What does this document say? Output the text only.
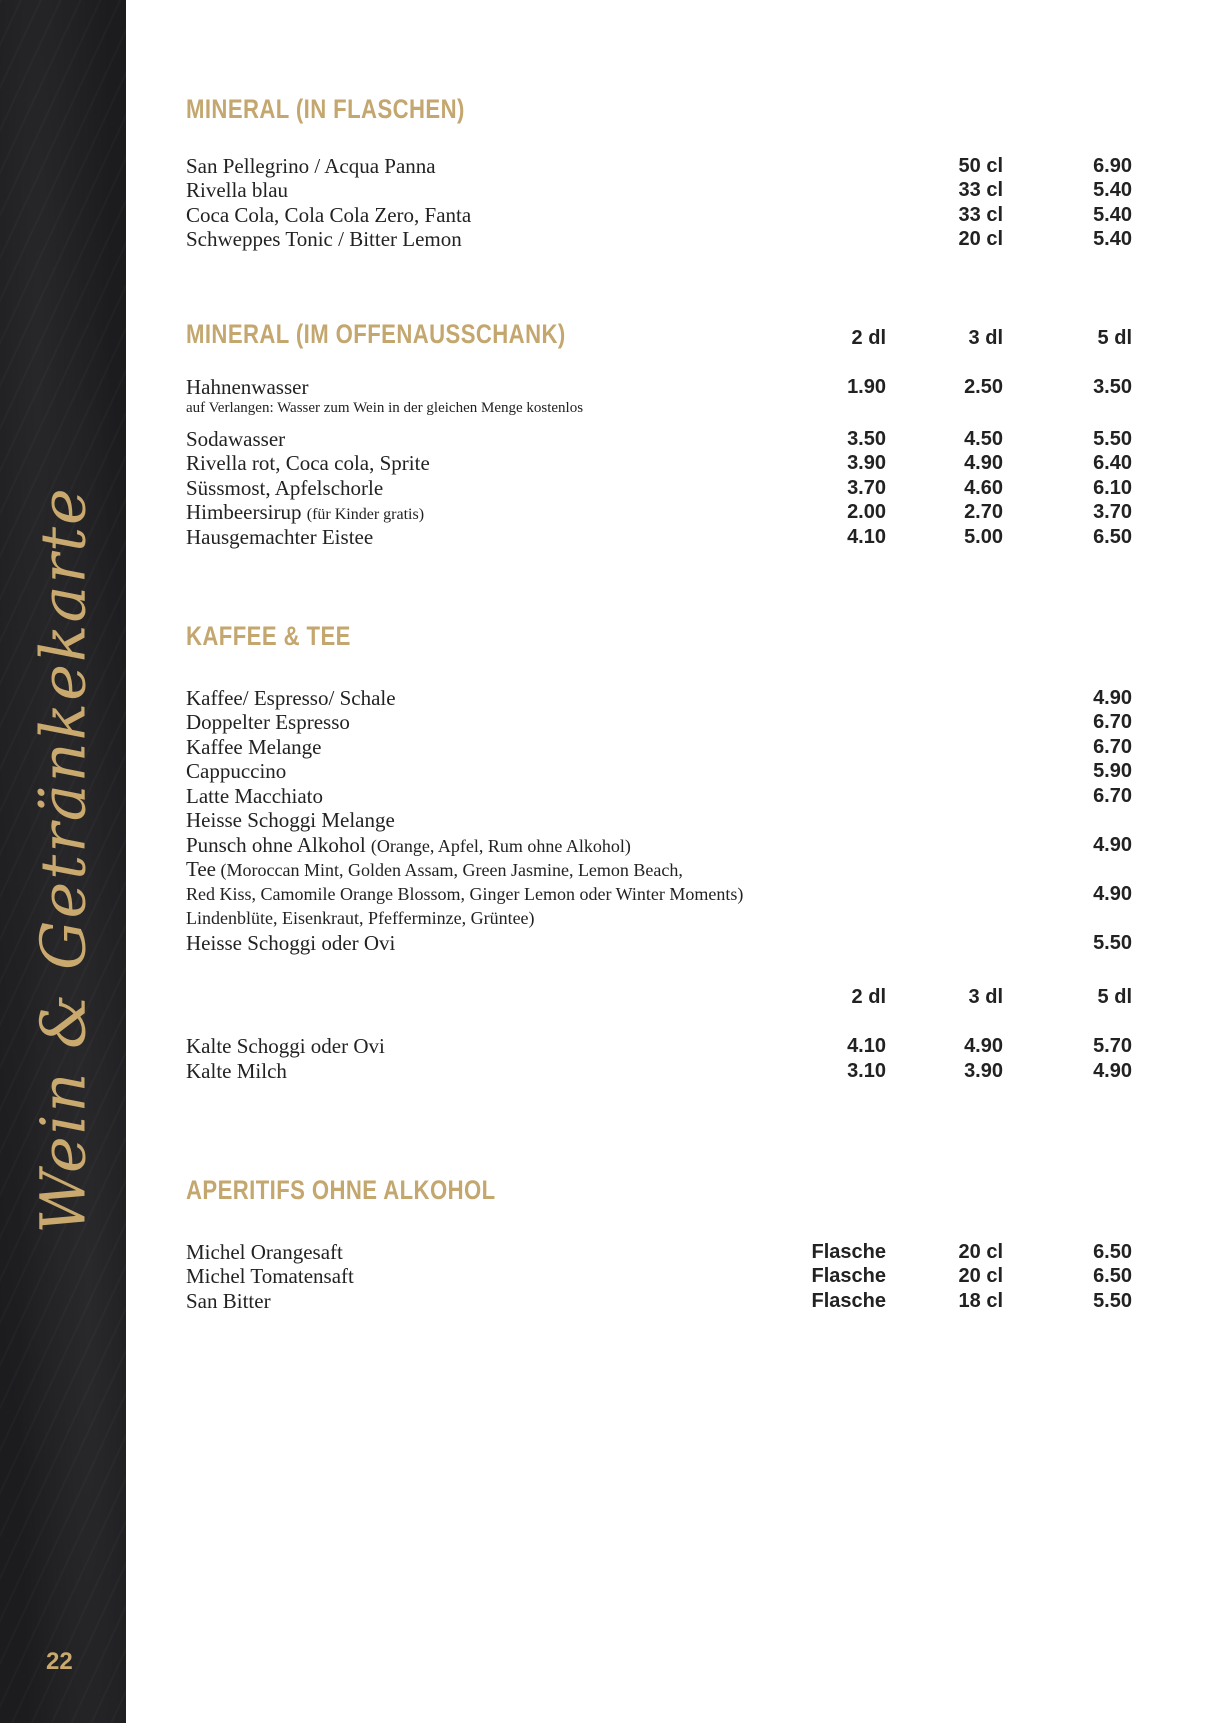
Wein & Getränkekarte
22
MINERAL (IN FLASCHEN)
San Pellegrino / Acqua Panna	50 cl	6.90
Rivella blau	33 cl	5.40
Coca Cola, Cola Cola Zero, Fanta	33 cl	5.40
Schweppes Tonic / Bitter Lemon	20 cl	5.40
MINERAL (IM OFFENAUSSCHANK)	2 dl	3 dl	5 dl
Hahnenwasser	1.90	2.50	3.50
auf Verlangen: Wasser zum Wein in der gleichen Menge kostenlos
Sodawasser	3.50	4.50	5.50
Rivella rot, Coca cola, Sprite	3.90	4.90	6.40
Süssmost, Apfelschorle	3.70	4.60	6.10
Himbeersirup (für Kinder gratis)	2.00	2.70	3.70
Hausgemachter Eistee	4.10	5.00	6.50
KAFFEE & TEE
Kaffee/ Espresso/ Schale	4.90
Doppelter Espresso	6.70
Kaffee Melange	6.70
Cappuccino	5.90
Latte Macchiato	6.70
Heisse Schoggi Melange
Punsch ohne Alkohol (Orange, Apfel, Rum ohne Alkohol)	4.90
Tee (Moroccan Mint, Golden Assam, Green Jasmine, Lemon Beach,
Red Kiss, Camomile Orange Blossom, Ginger Lemon oder Winter Moments)	4.90
Lindenblüte, Eisenkraut, Pfefferminze, Grüntee)
Heisse Schoggi oder Ovi	5.50
2 dl	3 dl	5 dl
Kalte Schoggi oder Ovi	4.10	4.90	5.70
Kalte Milch	3.10	3.90	4.90
APERITIFS OHNE ALKOHOL
Michel Orangesaft	Flasche	20 cl	6.50
Michel Tomatensaft	Flasche	20 cl	6.50
San Bitter	Flasche	18 cl	5.50
